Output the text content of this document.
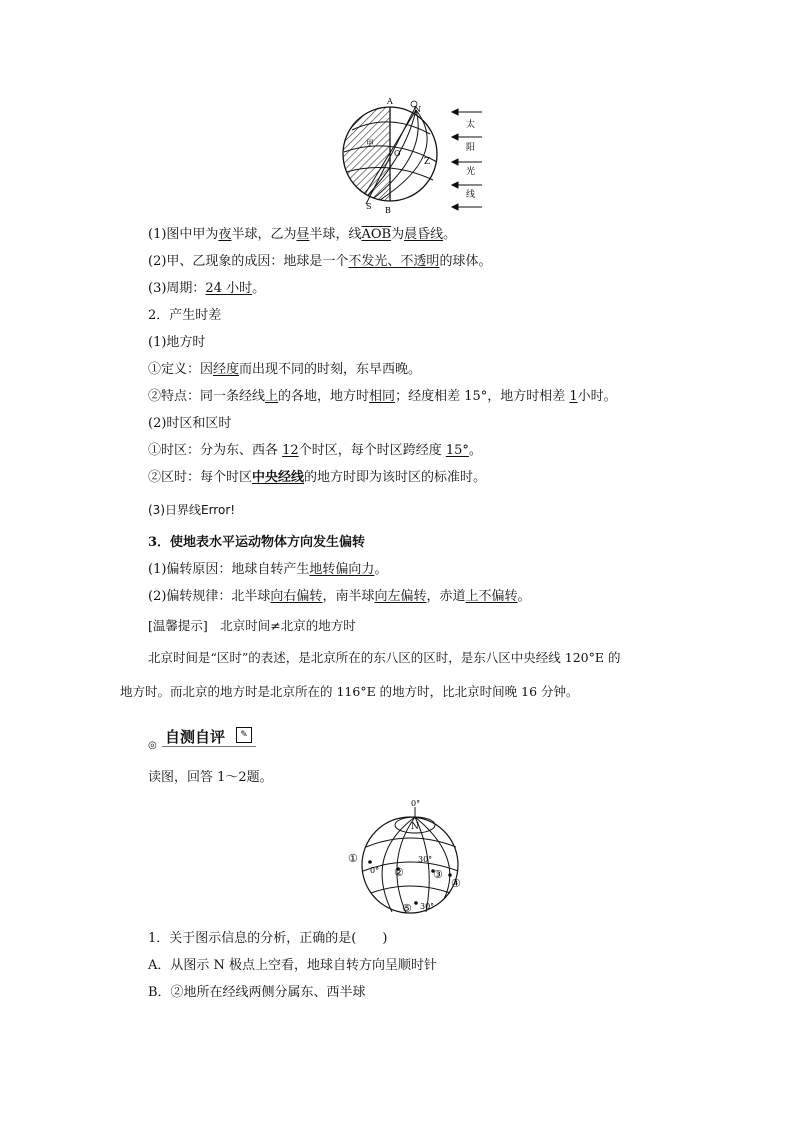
A
N
O
Z
甲
S B
太
阳
光
线
(1)图中甲为夜半球，乙为昼半球，线AOB为晨昏线。
(2)甲、乙现象的成因：地球是一个不发光、不透明的球体。
(3)周期：24 小时。
2．产生时差
(1)地方时
①定义：因经度而出现不同的时刻，东早西晚。
②特点：同一条经线上的各地，地方时相同；经度相差 15°，地方时相差 1小时。
(2)时区和区时
①时区：分为东、西各 12个时区，每个时区跨经度 15°。
②区时：每个时区中央经线的地方时即为该时区的标准时。
(3)日界线Error!
3．使地表水平运动物体方向发生偏转
(1)偏转原因：地球自转产生地转偏向力。
(2)偏转规律：北半球向右偏转，南半球向左偏转，赤道上不偏转。
[温馨提示]　北京时间≠北京的地方时
北京时间是“区时”的表述，是北京所在的东八区的区时，是东八区中央经线 120°E 的
地方时。而北京的地方时是北京所在的 116°E 的地方时，比北京时间晚 16 分钟。
◎ 自测自评	✎
读图，回答 1～2题。
0°
N
①
0° ②
30°
③
④
⑤ 30°
1．关于图示信息的分析，正确的是(　　)
A．从图示 N 极点上空看，地球自转方向呈顺时针
B．②地所在经线两侧分属东、西半球
